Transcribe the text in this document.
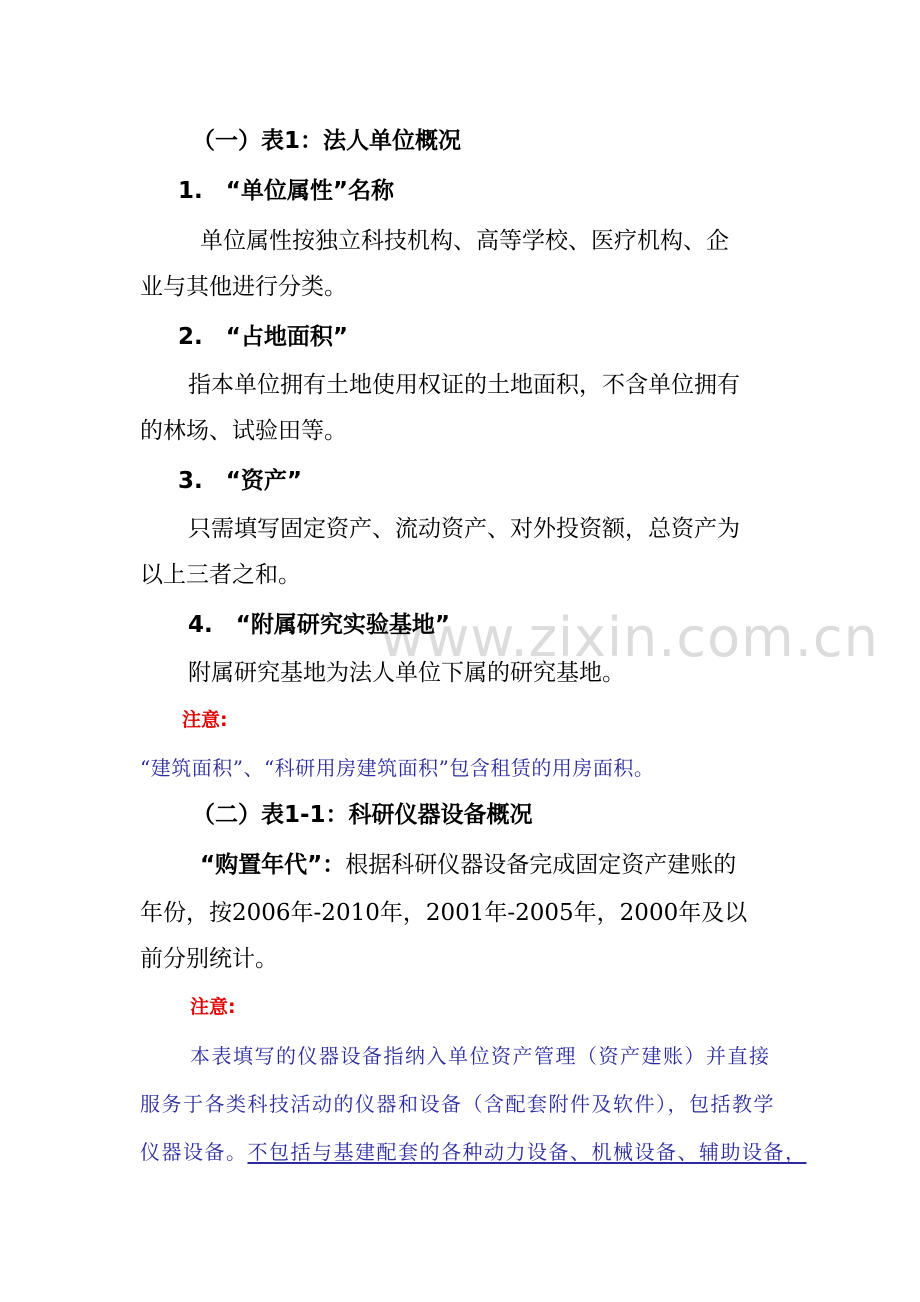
www.zixin.com.cn
（一）表1：法人单位概况
1.　“单位属性”名称
单位属性按独立科技机构、高等学校、医疗机构、企
业与其他进行分类。
2.　“占地面积”
指本单位拥有土地使用权证的土地面积，不含单位拥有
的林场、试验田等。
3.　“资产”
只需填写固定资产、流动资产、对外投资额，总资产为
以上三者之和。
4.　“附属研究实验基地”
附属研究基地为法人单位下属的研究基地。
注意:
“建筑面积”、“科研用房建筑面积”包含租赁的用房面积。
（二）表1-1：科研仪器设备概况
“购置年代”：根据科研仪器设备完成固定资产建账的
年份，按2006年-2010年，2001年-2005年，2000年及以
前分别统计。
注意:
本表填写的仪器设备指纳入单位资产管理（资产建账）并直接
服务于各类科技活动的仪器和设备（含配套附件及软件），包括教学
仪器设备。不包括与基建配套的各种动力设备、机械设备、辅助设备，
